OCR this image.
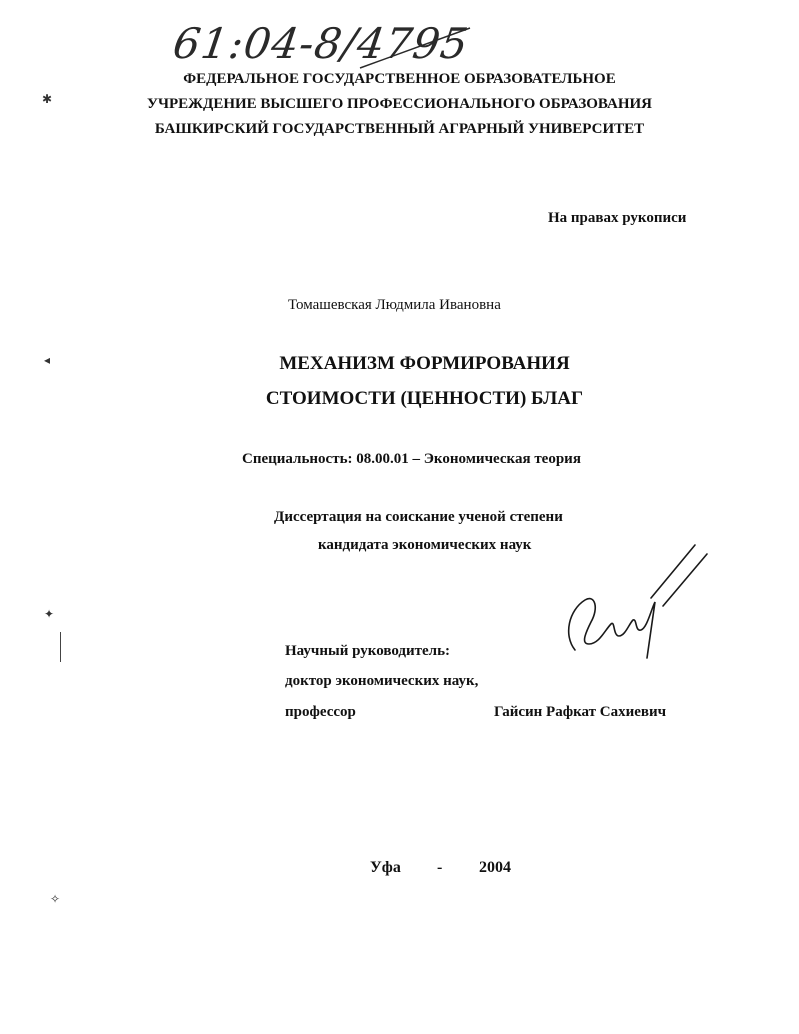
61:04-8/4795
ФЕДЕРАЛЬНОЕ ГОСУДАРСТВЕННОЕ ОБРАЗОВАТЕЛЬНОЕ
УЧРЕЖДЕНИЕ ВЫСШЕГО ПРОФЕССИОНАЛЬНОГО ОБРАЗОВАНИЯ
БАШКИРСКИЙ ГОСУДАРСТВЕННЫЙ АГРАРНЫЙ УНИВЕРСИТЕТ
На правах рукописи
Томашевская Людмила Ивановна
МЕХАНИЗМ ФОРМИРОВАНИЯ
СТОИМОСТИ (ЦЕННОСТИ) БЛАГ
Специальность: 08.00.01 – Экономическая теория
Диссертация на соискание ученой степени
кандидата экономических наук
Научный руководитель:
доктор экономических наук,
профессор	Гайсин Рафкат Сахиевич
Уфа - 2004
✱
◂
✦
✧
